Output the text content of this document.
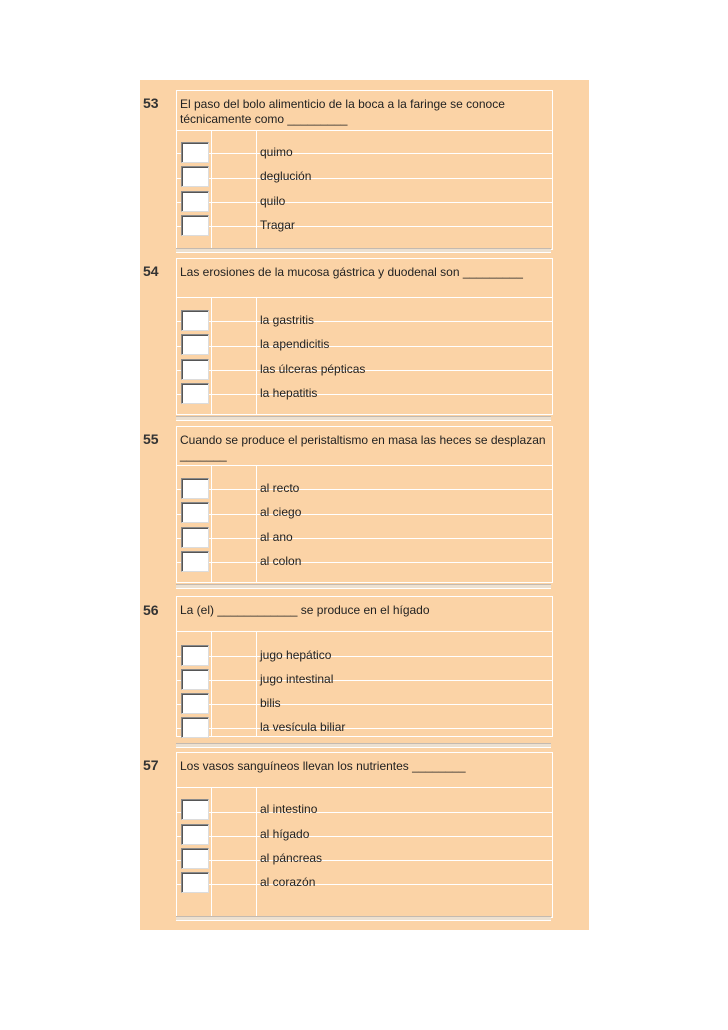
53 El paso del bolo alimenticio de la boca a la faringe se conoce técnicamente como _________
quimo
deglución
quilo
Tragar
54 Las erosiones de la mucosa gástrica y duodenal son _________
la gastritis
la apendicitis
las úlceras pépticas
la hepatitis
55 Cuando se produce el peristaltismo en masa las heces se desplazan _______
al recto
al ciego
al ano
al colon
56 La (el) ____________ se produce en el hígado
jugo hepático
jugo intestinal
bilis
la vesícula biliar
57 Los vasos sanguíneos llevan los nutrientes ________
al intestino
al hígado
al páncreas
al corazón
